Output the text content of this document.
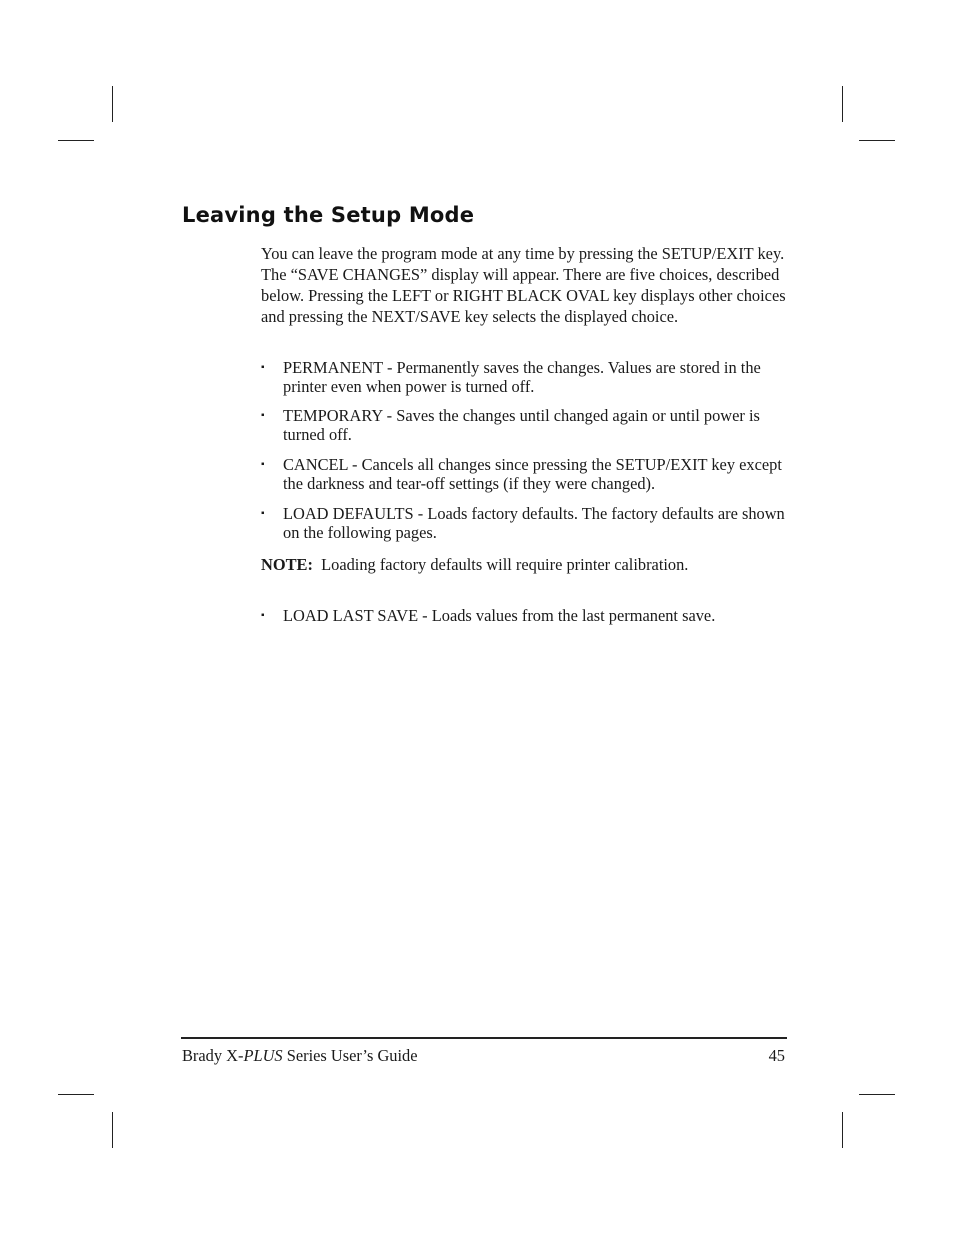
Leaving the Setup Mode

You can leave the program mode at any time by pressing the SETUP/EXIT key. The “SAVE CHANGES” display will appear. There are five choices, described below. Pressing the LEFT or RIGHT BLACK OVAL key displays other choices and pressing the NEXT/SAVE key selects the displayed choice.

▪	PERMANENT - Permanently saves the changes. Values are stored in the printer even when power is turned off.
▪	TEMPORARY - Saves the changes until changed again or until power is turned off.
▪	CANCEL - Cancels all changes since pressing the SETUP/EXIT key except the darkness and tear-off settings (if they were changed).
▪	LOAD DEFAULTS - Loads factory defaults. The factory defaults are shown on the following pages.
NOTE: Loading factory defaults will require printer calibration.
▪	LOAD LAST SAVE - Loads values from the last permanent save.
Brady X-PLUS Series User’s Guide	45
